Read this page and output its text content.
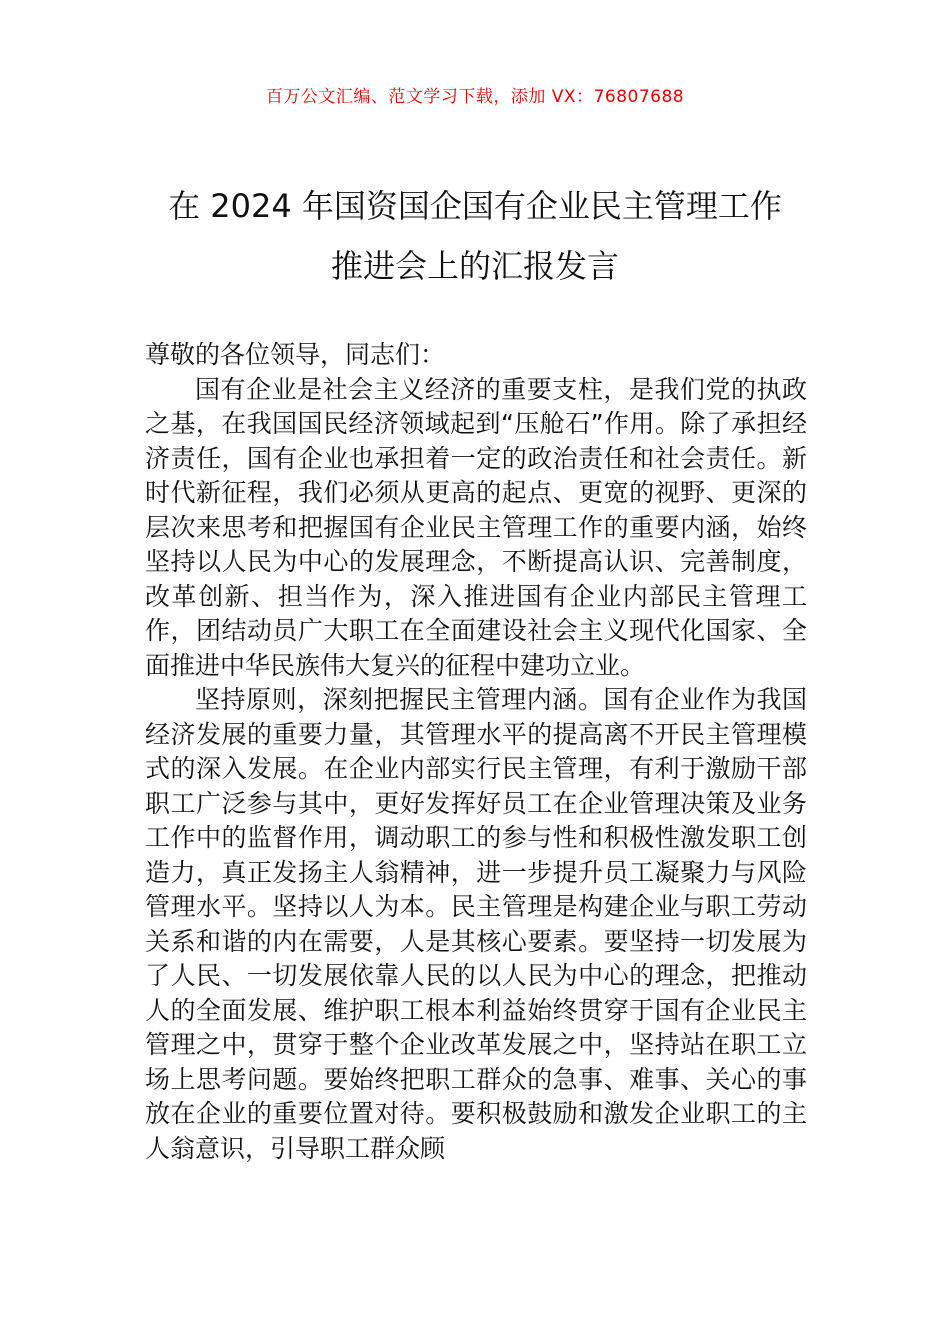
百万公文汇编、范文学习下载，添加 VX：76807688
在 2024 年国资国企国有企业民主管理工作
推进会上的汇报发言

尊敬的各位领导，同志们：

国有企业是社会主义经济的重要支柱，是我们党的执政之基，在我国国民经济领域起到“压舱石”作用。除了承担经济责任，国有企业也承担着一定的政治责任和社会责任。新时代新征程，我们必须从更高的起点、更宽的视野、更深的层次来思考和把握国有企业民主管理工作的重要内涵，始终坚持以人民为中心的发展理念，不断提高认识、完善制度，改革创新、担当作为，深入推进国有企业内部民主管理工作，团结动员广大职工在全面建设社会主义现代化国家、全面推进中华民族伟大复兴的征程中建功立业。

坚持原则，深刻把握民主管理内涵。国有企业作为我国经济发展的重要力量，其管理水平的提高离不开民主管理模式的深入发展。在企业内部实行民主管理，有利于激励干部职工广泛参与其中，更好发挥好员工在企业管理决策及业务工作中的监督作用，调动职工的参与性和积极性激发职工创造力，真正发扬主人翁精神，进一步提升员工凝聚力与风险管理水平。坚持以人为本。民主管理是构建企业与职工劳动关系和谐的内在需要，人是其核心要素。要坚持一切发展为了人民、一切发展依靠人民的以人民为中心的理念，把推动人的全面发展、维护职工根本利益始终贯穿于国有企业民主管理之中，贯穿于整个企业改革发展之中，坚持站在职工立场上思考问题。要始终把职工群众的急事、难事、关心的事放在企业的重要位置对待。要积极鼓励和激发企业职工的主人翁意识，引导职工群众顾
